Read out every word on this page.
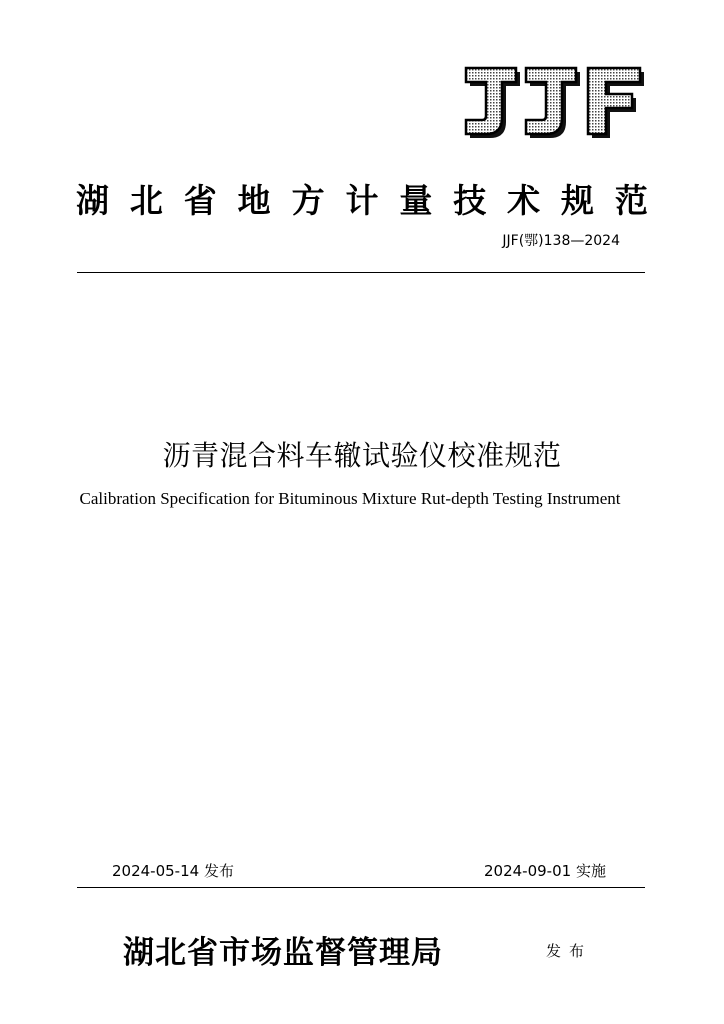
湖 北 省 地 方 计 量 技 术 规 范
JJF(鄂)138—2024
沥青混合料车辙试验仪校准规范
Calibration Specification for Bituminous Mixture Rut-depth Testing Instrument
2024-05-14 发布	2024-09-01 实施
湖北省市场监督管理局	发布
